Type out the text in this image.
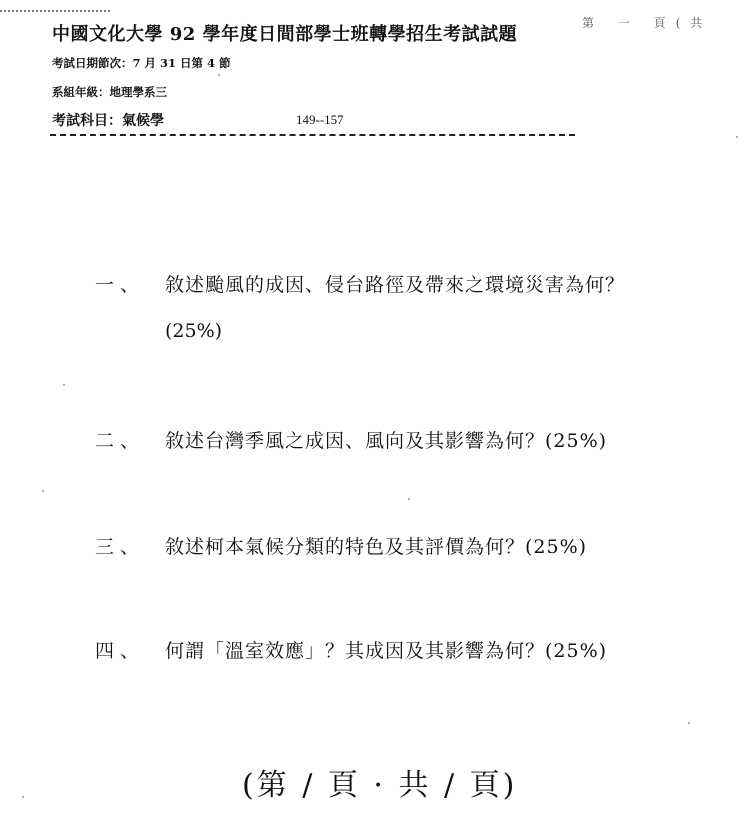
第 一 頁(共
中國文化大學 92 學年度日間部學士班轉學招生考試試題
考試日期節次：7 月 31 日第 4 節
系組年級：地理學系三
考試科目：氣候學	149--157
一、 敘述颱風的成因、侵台路徑及帶來之環境災害為何？
(25%)
二、 敘述台灣季風之成因、風向及其影響為何？(25%)
三、 敘述柯本氣候分類的特色及其評價為何？(25%)
四、 何謂「溫室效應」？其成因及其影響為何？(25%)
(第 / 頁 · 共 / 頁)
